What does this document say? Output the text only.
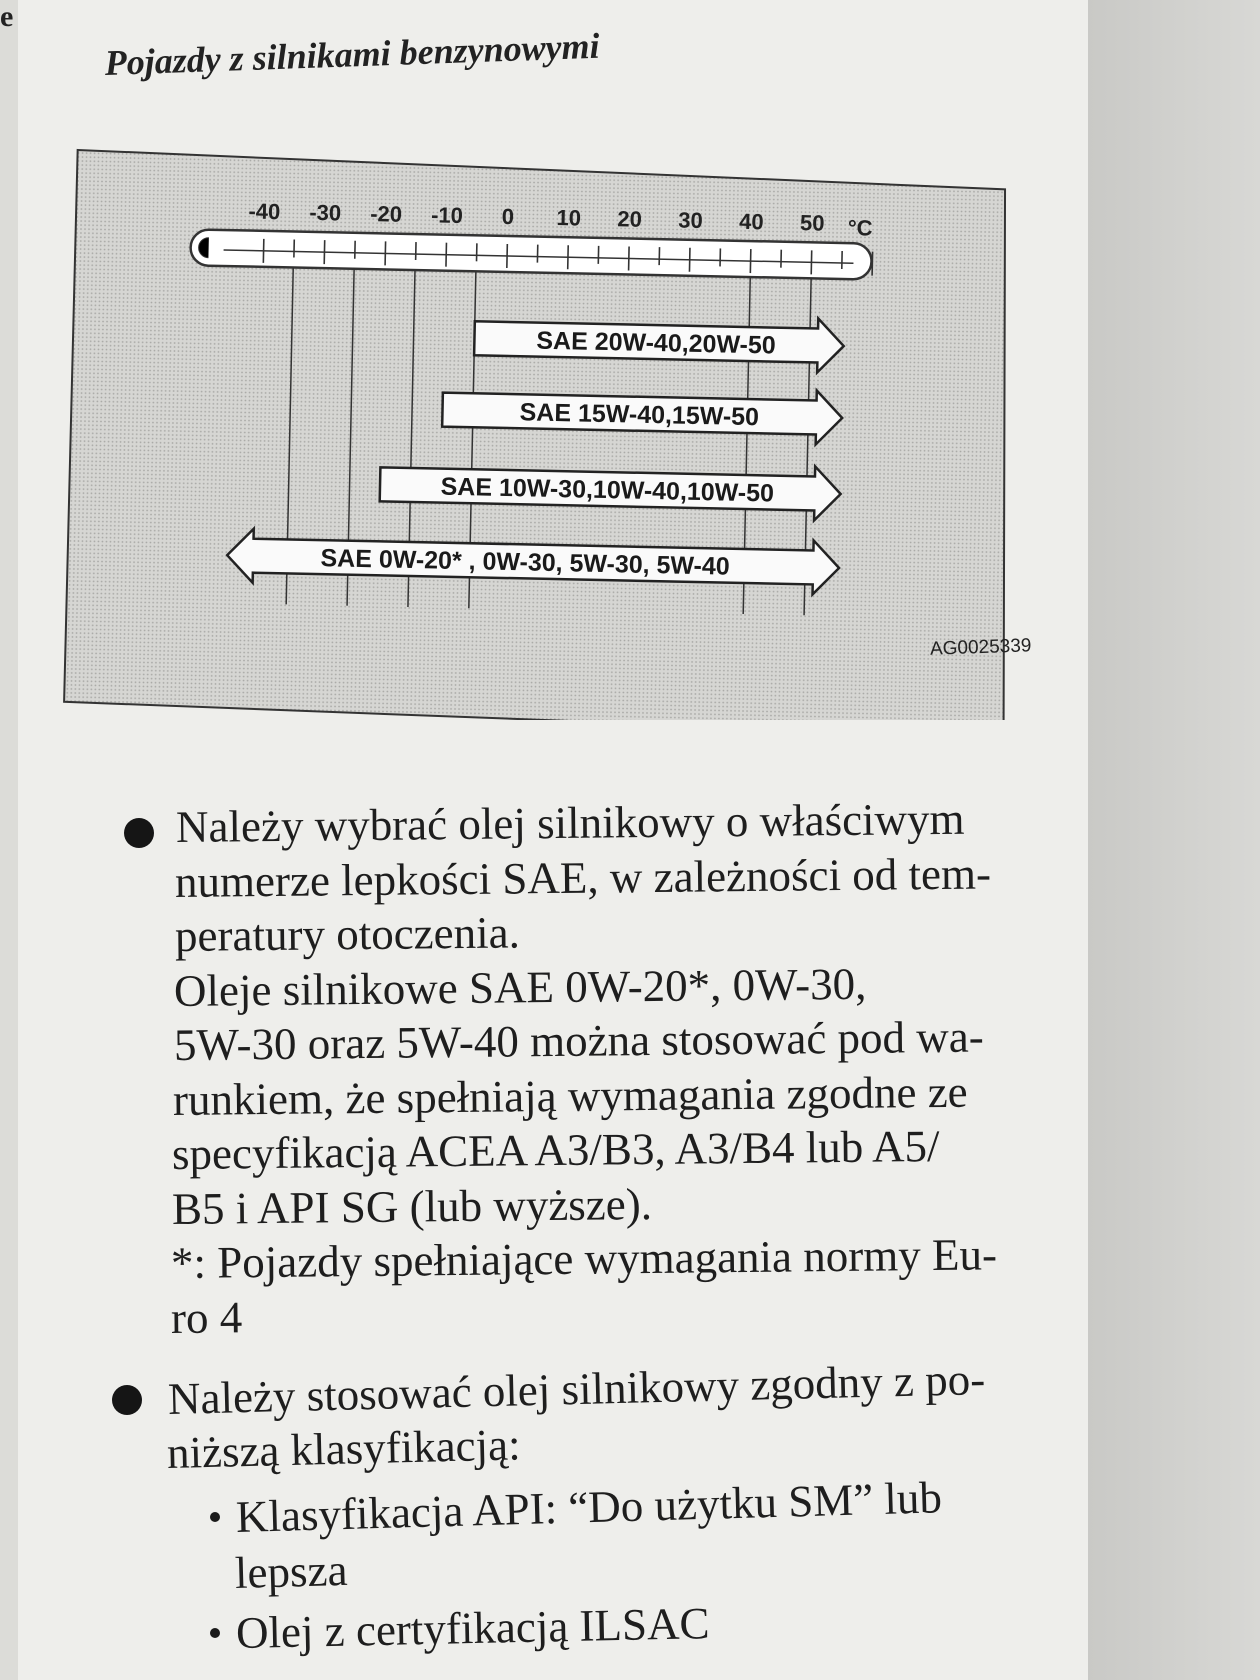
e
Pojazdy z silnikami benzynowymi
-40 -30 -20 -10 0 10 20 30 40 50 °C
SAE 20W-40,20W-50
SAE 15W-40,15W-50
SAE 10W-30,10W-40,10W-50
SAE 0W-20* , 0W-30, 5W-30, 5W-40
AG0025339
Należy wybrać olej silnikowy o właściwym
numerze lepkości SAE, w zależności od tem-
peratury otoczenia.
Oleje silnikowe SAE 0W-20*, 0W-30,
5W-30 oraz 5W-40 można stosować pod wa-
runkiem, że spełniają wymagania zgodne ze
specyfikacją ACEA A3/B3, A3/B4 lub A5/
B5 i API SG (lub wyższe).
*: Pojazdy spełniające wymagania normy Eu-
ro 4
Należy stosować olej silnikowy zgodny z po-
niższą klasyfikacją:
Klasyfikacja API: “Do użytku SM” lub
lepsza
Olej z certyfikacją ILSAC
